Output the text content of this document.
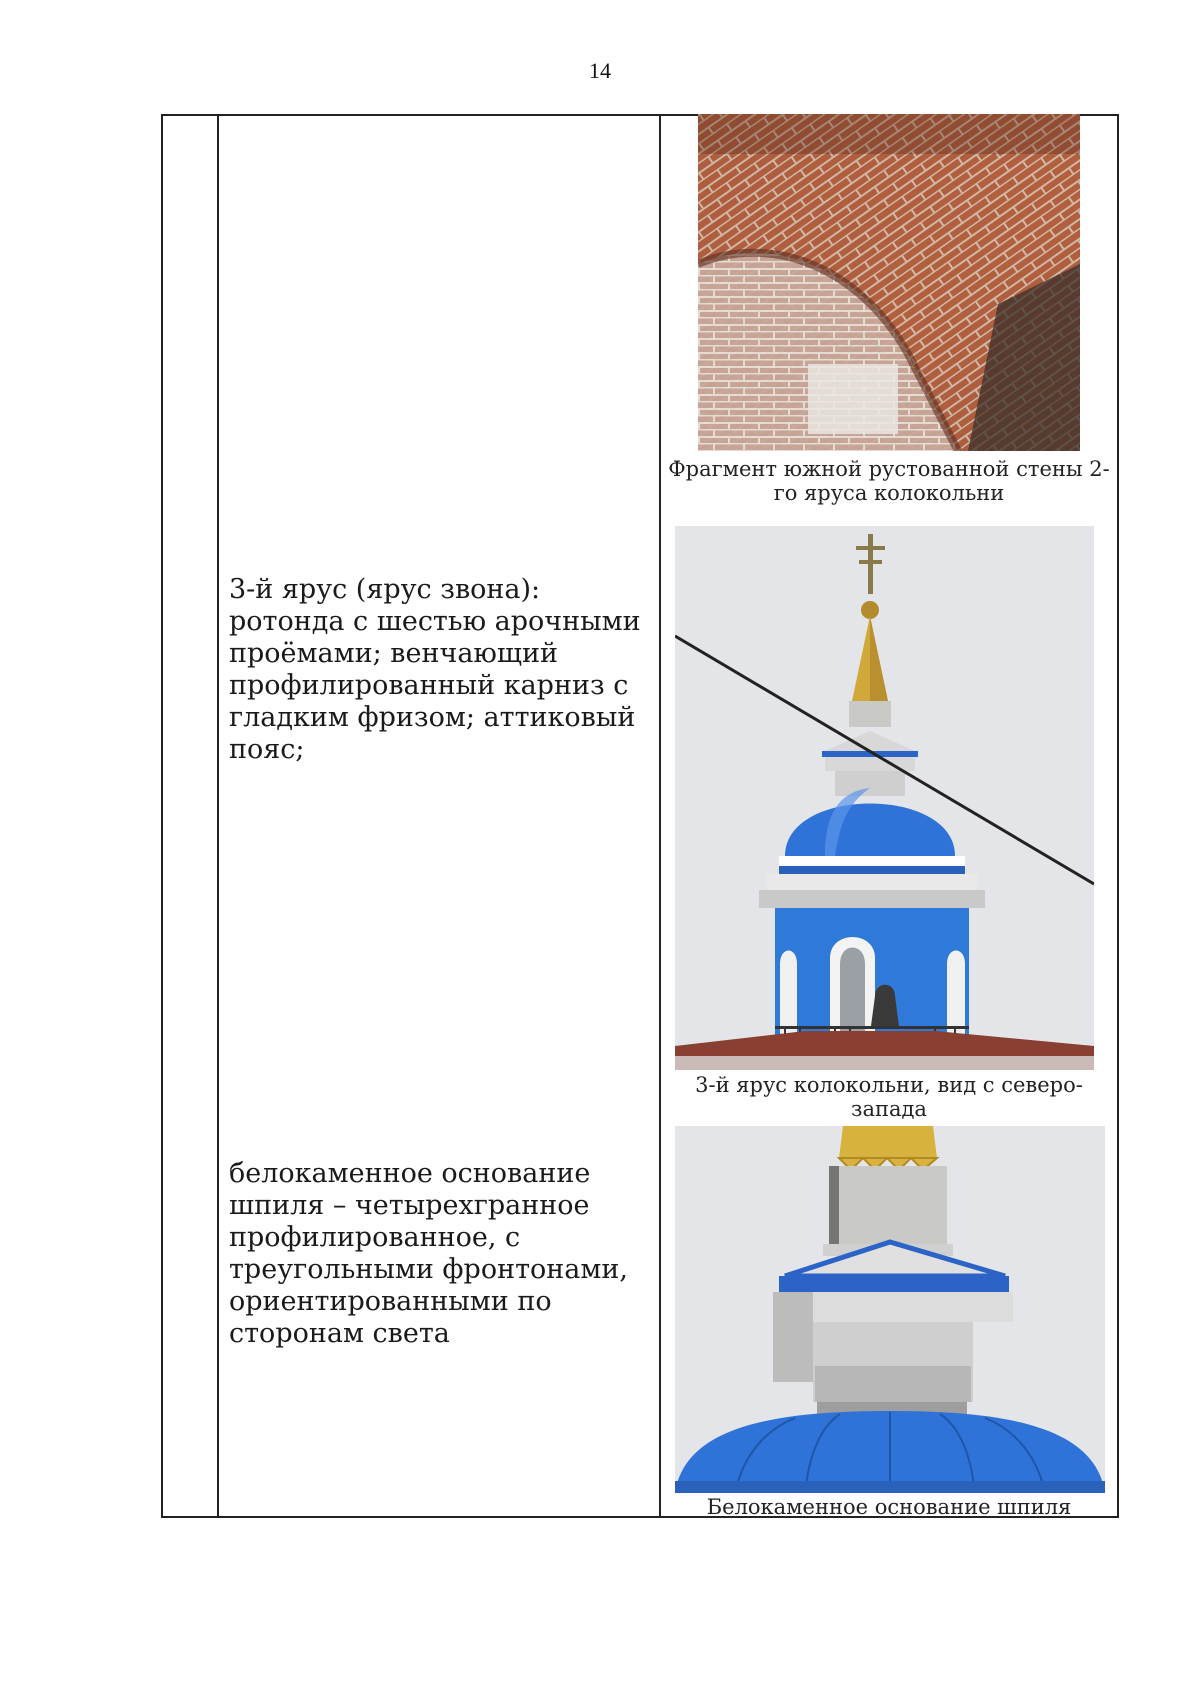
14
3-й ярус (ярус звона): ротонда с шестью арочными проёмами; венчающий профилированный карниз с гладким фризом; аттиковый пояс;
белокаменное основание шпиля – четырехгранное профилированное, с треугольными фронтонами, ориентированными по сторонам света
Фрагмент южной рустованной стены 2-го яруса колокольни
3-й ярус колокольни, вид с северо-запада
Белокаменное основание шпиля
